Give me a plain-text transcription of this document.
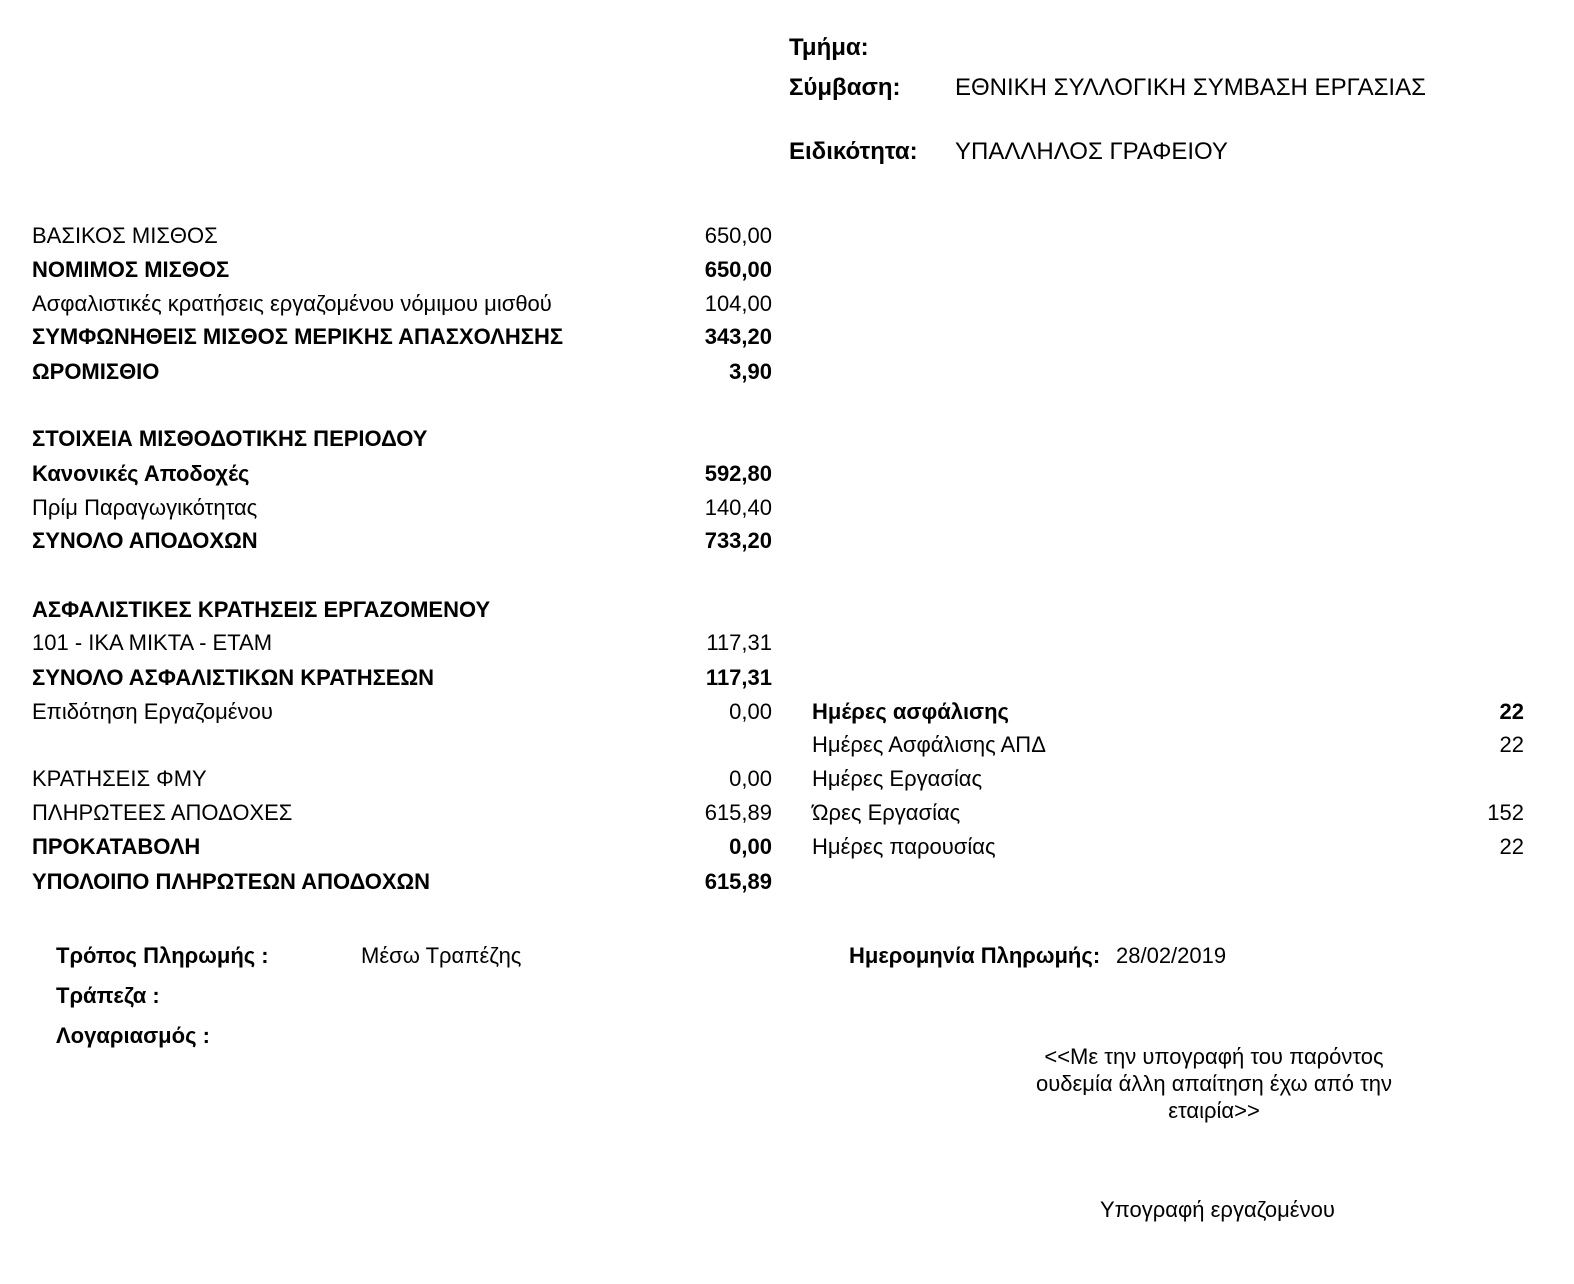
Τμήμα:
Σύμβαση: ΕΘΝΙΚΗ ΣΥΛΛΟΓΙΚΗ ΣΥΜΒΑΣΗ ΕΡΓΑΣΙΑΣ
Ειδικότητα: ΥΠΑΛΛΗΛΟΣ ΓΡΑΦΕΙΟΥ
ΒΑΣΙΚΟΣ ΜΙΣΘΟΣ	650,00
ΝΟΜΙΜΟΣ ΜΙΣΘΟΣ	650,00
Ασφαλιστικές κρατήσεις εργαζομένου νόμιμου μισθού	104,00
ΣΥΜΦΩΝΗΘΕΙΣ ΜΙΣΘΟΣ ΜΕΡΙΚΗΣ ΑΠΑΣΧΟΛΗΣΗΣ	343,20
ΩΡΟΜΙΣΘΙΟ	3,90
ΣΤΟΙΧΕΙΑ ΜΙΣΘΟΔΟΤΙΚΗΣ ΠΕΡΙΟΔΟΥ
Κανονικές Αποδοχές	592,80
Πρίμ Παραγωγικότητας	140,40
ΣΥΝΟΛΟ ΑΠΟΔΟΧΩΝ	733,20
ΑΣΦΑΛΙΣΤΙΚΕΣ ΚΡΑΤΗΣΕΙΣ ΕΡΓΑΖΟΜΕΝΟΥ
101 - ΙΚΑ ΜΙΚΤΑ - ΕΤΑΜ	117,31
ΣΥΝΟΛΟ ΑΣΦΑΛΙΣΤΙΚΩΝ ΚΡΑΤΗΣΕΩΝ	117,31
Επιδότηση Εργαζομένου	0,00
ΚΡΑΤΗΣΕΙΣ ΦΜΥ	0,00
ΠΛΗΡΩΤΕΕΣ ΑΠΟΔΟΧΕΣ	615,89
ΠΡΟΚΑΤΑΒΟΛΗ	0,00
ΥΠΟΛΟΙΠΟ ΠΛΗΡΩΤΕΩΝ ΑΠΟΔΟΧΩΝ	615,89
Ημέρες ασφάλισης	22
Ημέρες Ασφάλισης ΑΠΔ	22
Ημέρες Εργασίας
Ώρες Εργασίας	152
Ημέρες παρουσίας	22
Τρόπος Πληρωμής :	Μέσω Τραπέζης
Τράπεζα :
Λογαριασμός :
Ημερομηνία Πληρωμής: 28/02/2019
<<Με την υπογραφή του παρόντος
ουδεμία άλλη απαίτηση έχω από την
εταιρία>>
Υπογραφή εργαζομένου
